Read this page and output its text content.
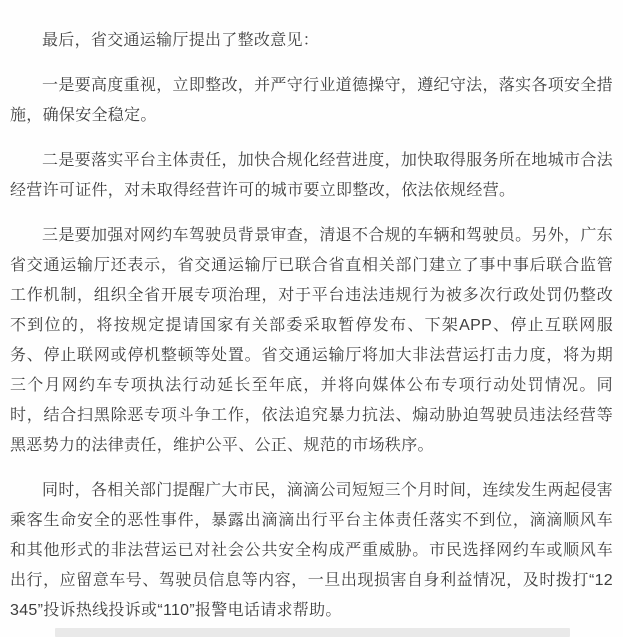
最后，省交通运输厅提出了整改意见：

一是要高度重视，立即整改，并严守行业道德操守，遵纪守法，落实各项安全措施，确保安全稳定。

二是要落实平台主体责任，加快合规化经营进度，加快取得服务所在地城市合法经营许可证件，对未取得经营许可的城市要立即整改，依法依规经营。

三是要加强对网约车驾驶员背景审查，清退不合规的车辆和驾驶员。另外，广东省交通运输厅还表示，省交通运输厅已联合省直相关部门建立了事中事后联合监管工作机制，组织全省开展专项治理，对于平台违法违规行为被多次行政处罚仍整改不到位的，将按规定提请国家有关部委采取暂停发布、下架APP、停止互联网服务、停止联网或停机整顿等处置。省交通运输厅将加大非法营运打击力度，将为期三个月网约车专项执法行动延长至年底，并将向媒体公布专项行动处罚情况。同时，结合扫黑除恶专项斗争工作，依法追究暴力抗法、煽动胁迫驾驶员违法经营等黑恶势力的法律责任，维护公平、公正、规范的市场秩序。

同时，各相关部门提醒广大市民，滴滴公司短短三个月时间，连续发生两起侵害乘客生命安全的恶性事件，暴露出滴滴出行平台主体责任落实不到位，滴滴顺风车和其他形式的非法营运已对社会公共安全构成严重威胁。市民选择网约车或顺风车出行，应留意车号、驾驶员信息等内容，一旦出现损害自身利益情况，及时拨打“12345”投诉热线投诉或“110”报警电话请求帮助。
